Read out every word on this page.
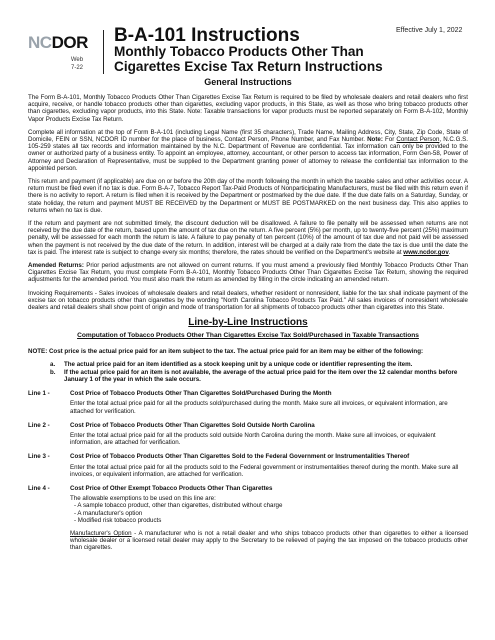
NCDOR
Web
7-22
B-A-101 Instructions
Monthly Tobacco Products Other Than
Cigarettes Excise Tax Return Instructions
Effective July 1, 2022
General Instructions

The Form B-A-101, Monthly Tobacco Products Other Than Cigarettes Excise Tax Return is required to be filed by wholesale dealers and retail dealers who first acquire, receive, or handle tobacco products other than cigarettes, excluding vapor products, in this State, as well as those who bring tobacco products other than cigarettes, excluding vapor products, into this State. Note: Taxable transactions for vapor products must be reported separately on Form B-A-102, Monthly Vapor Products Excise Tax Return.

Complete all information at the top of Form B-A-101 (including Legal Name (first 35 characters), Trade Name, Mailing Address, City, State, Zip Code, State of Domicile, FEIN or SSN, NCDOR ID number for the place of business, Contact Person, Phone Number, and Fax Number. Note: For Contact Person, N.C.G.S. 105-259 states all tax records and information maintained by the N.C. Department of Revenue are confidential. Tax information can only be provided to the owner or authorized party of a business entity. To appoint an employee, attorney, accountant, or other person to access tax information, Form Gen-58, Power of Attorney and Declaration of Representative, must be supplied to the Department granting power of attorney to release the confidential tax information to the appointed person.

This return and payment (if applicable) are due on or before the 20th day of the month following the month in which the taxable sales and other activities occur. A return must be filed even if no tax is due. Form B-A-7, Tobacco Report Tax-Paid Products of Nonparticipating Manufacturers, must be filed with this return even if there is no activity to report. A return is filed when it is received by the Department or postmarked by the due date. If the due date falls on a Saturday, Sunday, or state holiday, the return and payment MUST BE RECEIVED by the Department or MUST BE POSTMARKED on the next business day. This also applies to returns when no tax is due.

If the return and payment are not submitted timely, the discount deduction will be disallowed. A failure to file penalty will be assessed when returns are not received by the due date of the return, based upon the amount of tax due on the return. A five percent (5%) per month, up to twenty-five percent (25%) maximum penalty, will be assessed for each month the return is late. A failure to pay penalty of ten percent (10%) of the amount of tax due and not paid will be assessed when the payment is not received by the due date of the return. In addition, interest will be charged at a daily rate from the date the tax is due until the date the tax is paid. The interest rate is subject to change every six months; therefore, the rates should be verified on the Department's website at www.ncdor.gov.

Amended Returns: Prior period adjustments are not allowed on current returns. If you must amend a previously filed Monthly Tobacco Products Other Than Cigarettes Excise Tax Return, you must complete Form B-A-101, Monthly Tobacco Products Other Than Cigarettes Excise Tax Return, showing the required adjustments for the amended period. You must also mark the return as amended by filling in the circle indicating an amended return.

Invoicing Requirements - Sales invoices of wholesale dealers and retail dealers, whether resident or nonresident, liable for the tax shall indicate payment of the excise tax on tobacco products other than cigarettes by the wording "North Carolina Tobacco Products Tax Paid." All sales invoices of nonresident wholesale dealers and retail dealers shall show point of origin and mode of transportation for all shipments of tobacco products other than cigarettes into this State.

Line-by-Line Instructions
Computation of Tobacco Products Other Than Cigarettes Excise Tax Sold/Purchased in Taxable Transactions

NOTE: Cost price is the actual price paid for an item subject to the tax. The actual price paid for an item may be either of the following:

a.	The actual price paid for an item identified as a stock keeping unit by a unique code or identifier representing the item.
b.	If the actual price paid for an item is not available, the average of the actual price paid for the item over the 12 calendar months before January 1 of the year in which the sale occurs.
Line 1 -	Cost Price of Tobacco Products Other Than Cigarettes Sold/Purchased During the Month
Enter the total actual price paid for all the products sold/purchased during the month. Make sure all invoices, or equivalent information, are attached for verification.
Line 2 -	Cost Price of Tobacco Products Other Than Cigarettes Sold Outside North Carolina
Enter the total actual price paid for all the products sold outside North Carolina during the month. Make sure all invoices, or equivalent information, are attached for verification.
Line 3 -	Cost Price of Tobacco Products Other Than Cigarettes Sold to the Federal Government or Instrumentalities Thereof
Enter the total actual price paid for all the products sold to the Federal government or instrumentalities thereof during the month. Make sure all invoices, or equivalent information, are attached for verification.
Line 4 -	Cost Price of Other Exempt Tobacco Products Other Than Cigarettes
The allowable exemptions to be used on this line are:
- A sample tobacco product, other than cigarettes, distributed without charge
- A manufacturer's option
- Modified risk tobacco products
Manufacturer's Option - A manufacturer who is not a retail dealer and who ships tobacco products other than cigarettes to either a licensed wholesale dealer or a licensed retail dealer may apply to the Secretary to be relieved of paying the tax imposed on the tobacco products other than cigarettes.
